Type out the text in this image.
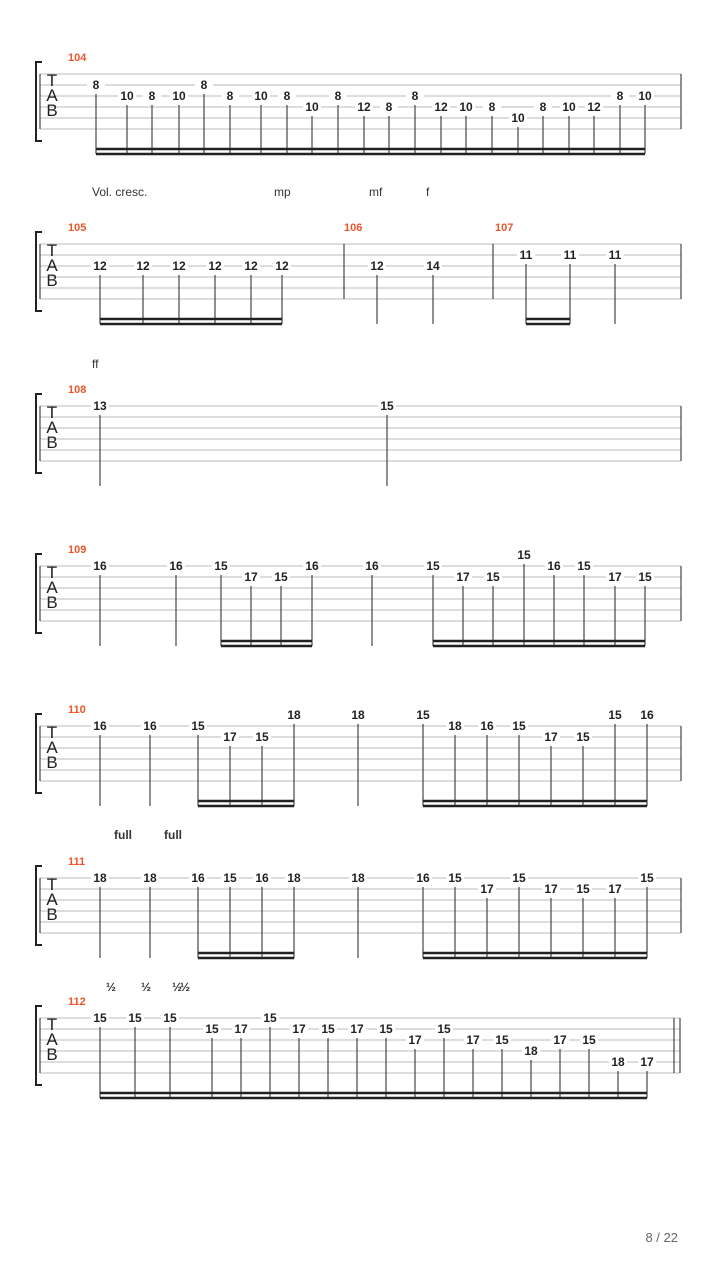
T
A
B
104
8
10 8 10
8
8 10 8
10
8
12 8
8
12 10 8
10
8 10 12
8 10
T
A
B
105	106	107
Vol. cresc.	mp	mf	f
12 12 12 12 12 12	12	14
11	11	11
T
A
B
108
ff
13	15
T
A
B
109
16	16	15
17 15
16	16	15
17 15
15
16 15
17 15
T
A
B
110
16	16	15
17 15
18	18	15
18 16 15
17 15
15 16
T
A
B
111
full	full
18	18	16 15 16 18	18	16 15
17
15
17 15 17
15
T
A
B
112
½ ½ ½
½
15 15 15
15 17
15
17 15 17 15
17
15
17 15
18
17 15
18 17
8 / 22
